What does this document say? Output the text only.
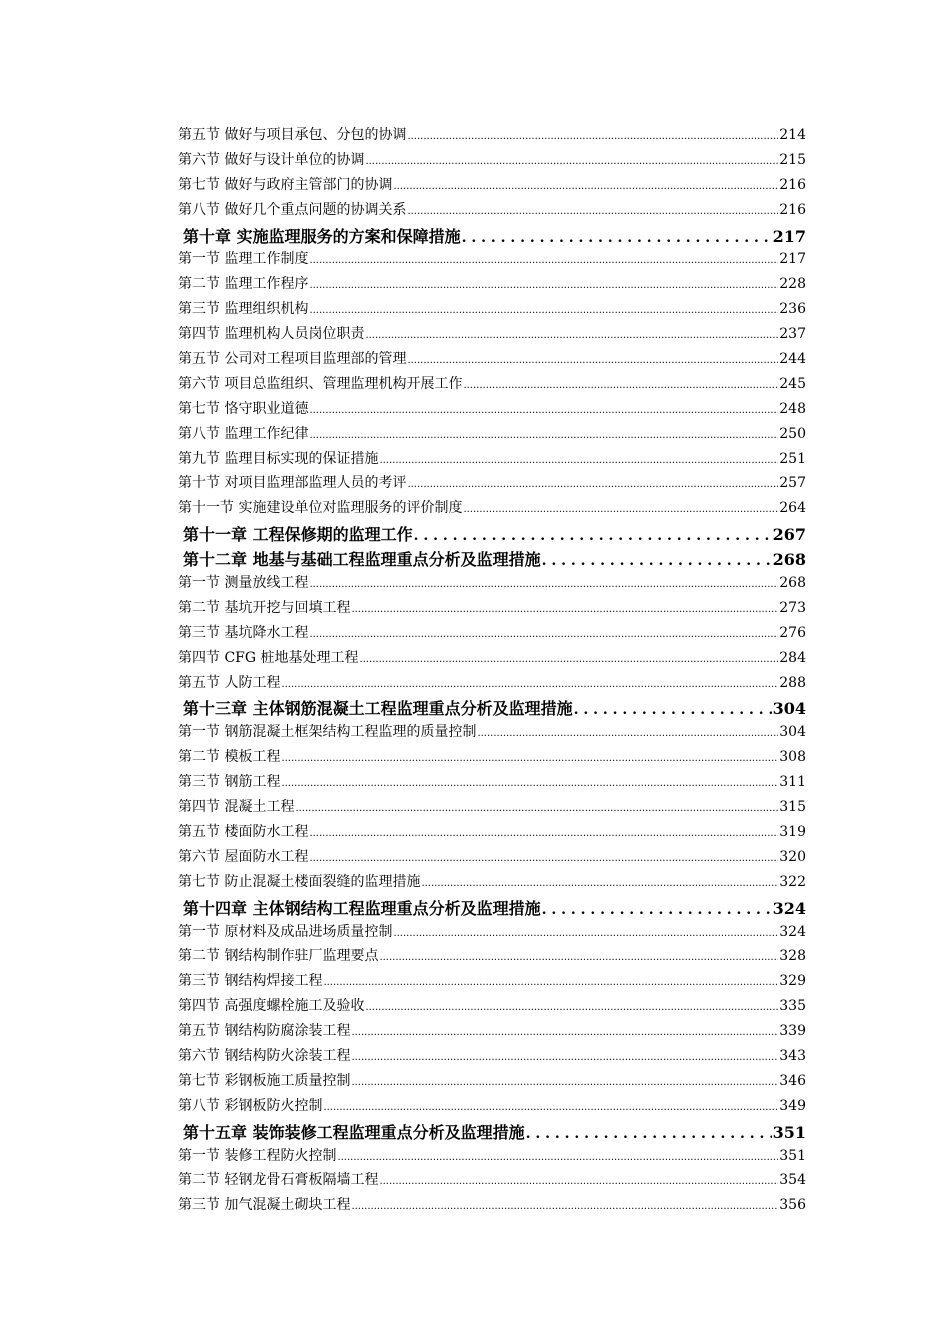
第五节 做好与项目承包、分包的协调 .....	214
第六节 做好与设计单位的协调 .....	215
第七节 做好与政府主管部门的协调 .....	216
第八节 做好几个重点问题的协调关系 .....	216
第十章 实施监理服务的方案和保障措施 . . .	217
第一节 监理工作制度 .....	217
第二节 监理工作程序 .....	228
第三节 监理组织机构 .....	236
第四节 监理机构人员岗位职责 .....	237
第五节 公司对工程项目监理部的管理 .....	244
第六节 项目总监组织、管理监理机构开展工作 .....	245
第七节 恪守职业道德 .....	248
第八节 监理工作纪律 .....	250
第九节 监理目标实现的保证措施 .....	251
第十节 对项目监理部监理人员的考评 .....	257
第十一节 实施建设单位对监理服务的评价制度 .....	264
第十一章 工程保修期的监理工作 . . .	267
第十二章 地基与基础工程监理重点分析及监理措施 . . .	268
第一节 测量放线工程 .....	268
第二节 基坑开挖与回填工程 .....	273
第三节 基坑降水工程 .....	276
第四节 CFG 桩地基处理工程 .....	284
第五节 人防工程 .....	288
第十三章 主体钢筋混凝土工程监理重点分析及监理措施 . . .	304
第一节 钢筋混凝土框架结构工程监理的质量控制 .....	304
第二节 模板工程 .....	308
第三节 钢筋工程 .....	311
第四节 混凝土工程 .....	315
第五节 楼面防水工程 .....	319
第六节 屋面防水工程 .....	320
第七节 防止混凝土楼面裂缝的监理措施 .....	322
第十四章 主体钢结构工程监理重点分析及监理措施 . . .	324
第一节 原材料及成品进场质量控制 .....	324
第二节 钢结构制作驻厂监理要点 .....	328
第三节 钢结构焊接工程 .....	329
第四节 高强度螺栓施工及验收 .....	335
第五节 钢结构防腐涂装工程 .....	339
第六节 钢结构防火涂装工程 .....	343
第七节 彩钢板施工质量控制 .....	346
第八节 彩钢板防火控制 .....	349
第十五章 装饰装修工程监理重点分析及监理措施 . . .	351
第一节 装修工程防火控制 .....	351
第二节 轻钢龙骨石膏板隔墙工程 .....	354
第三节 加气混凝土砌块工程 .....	356
